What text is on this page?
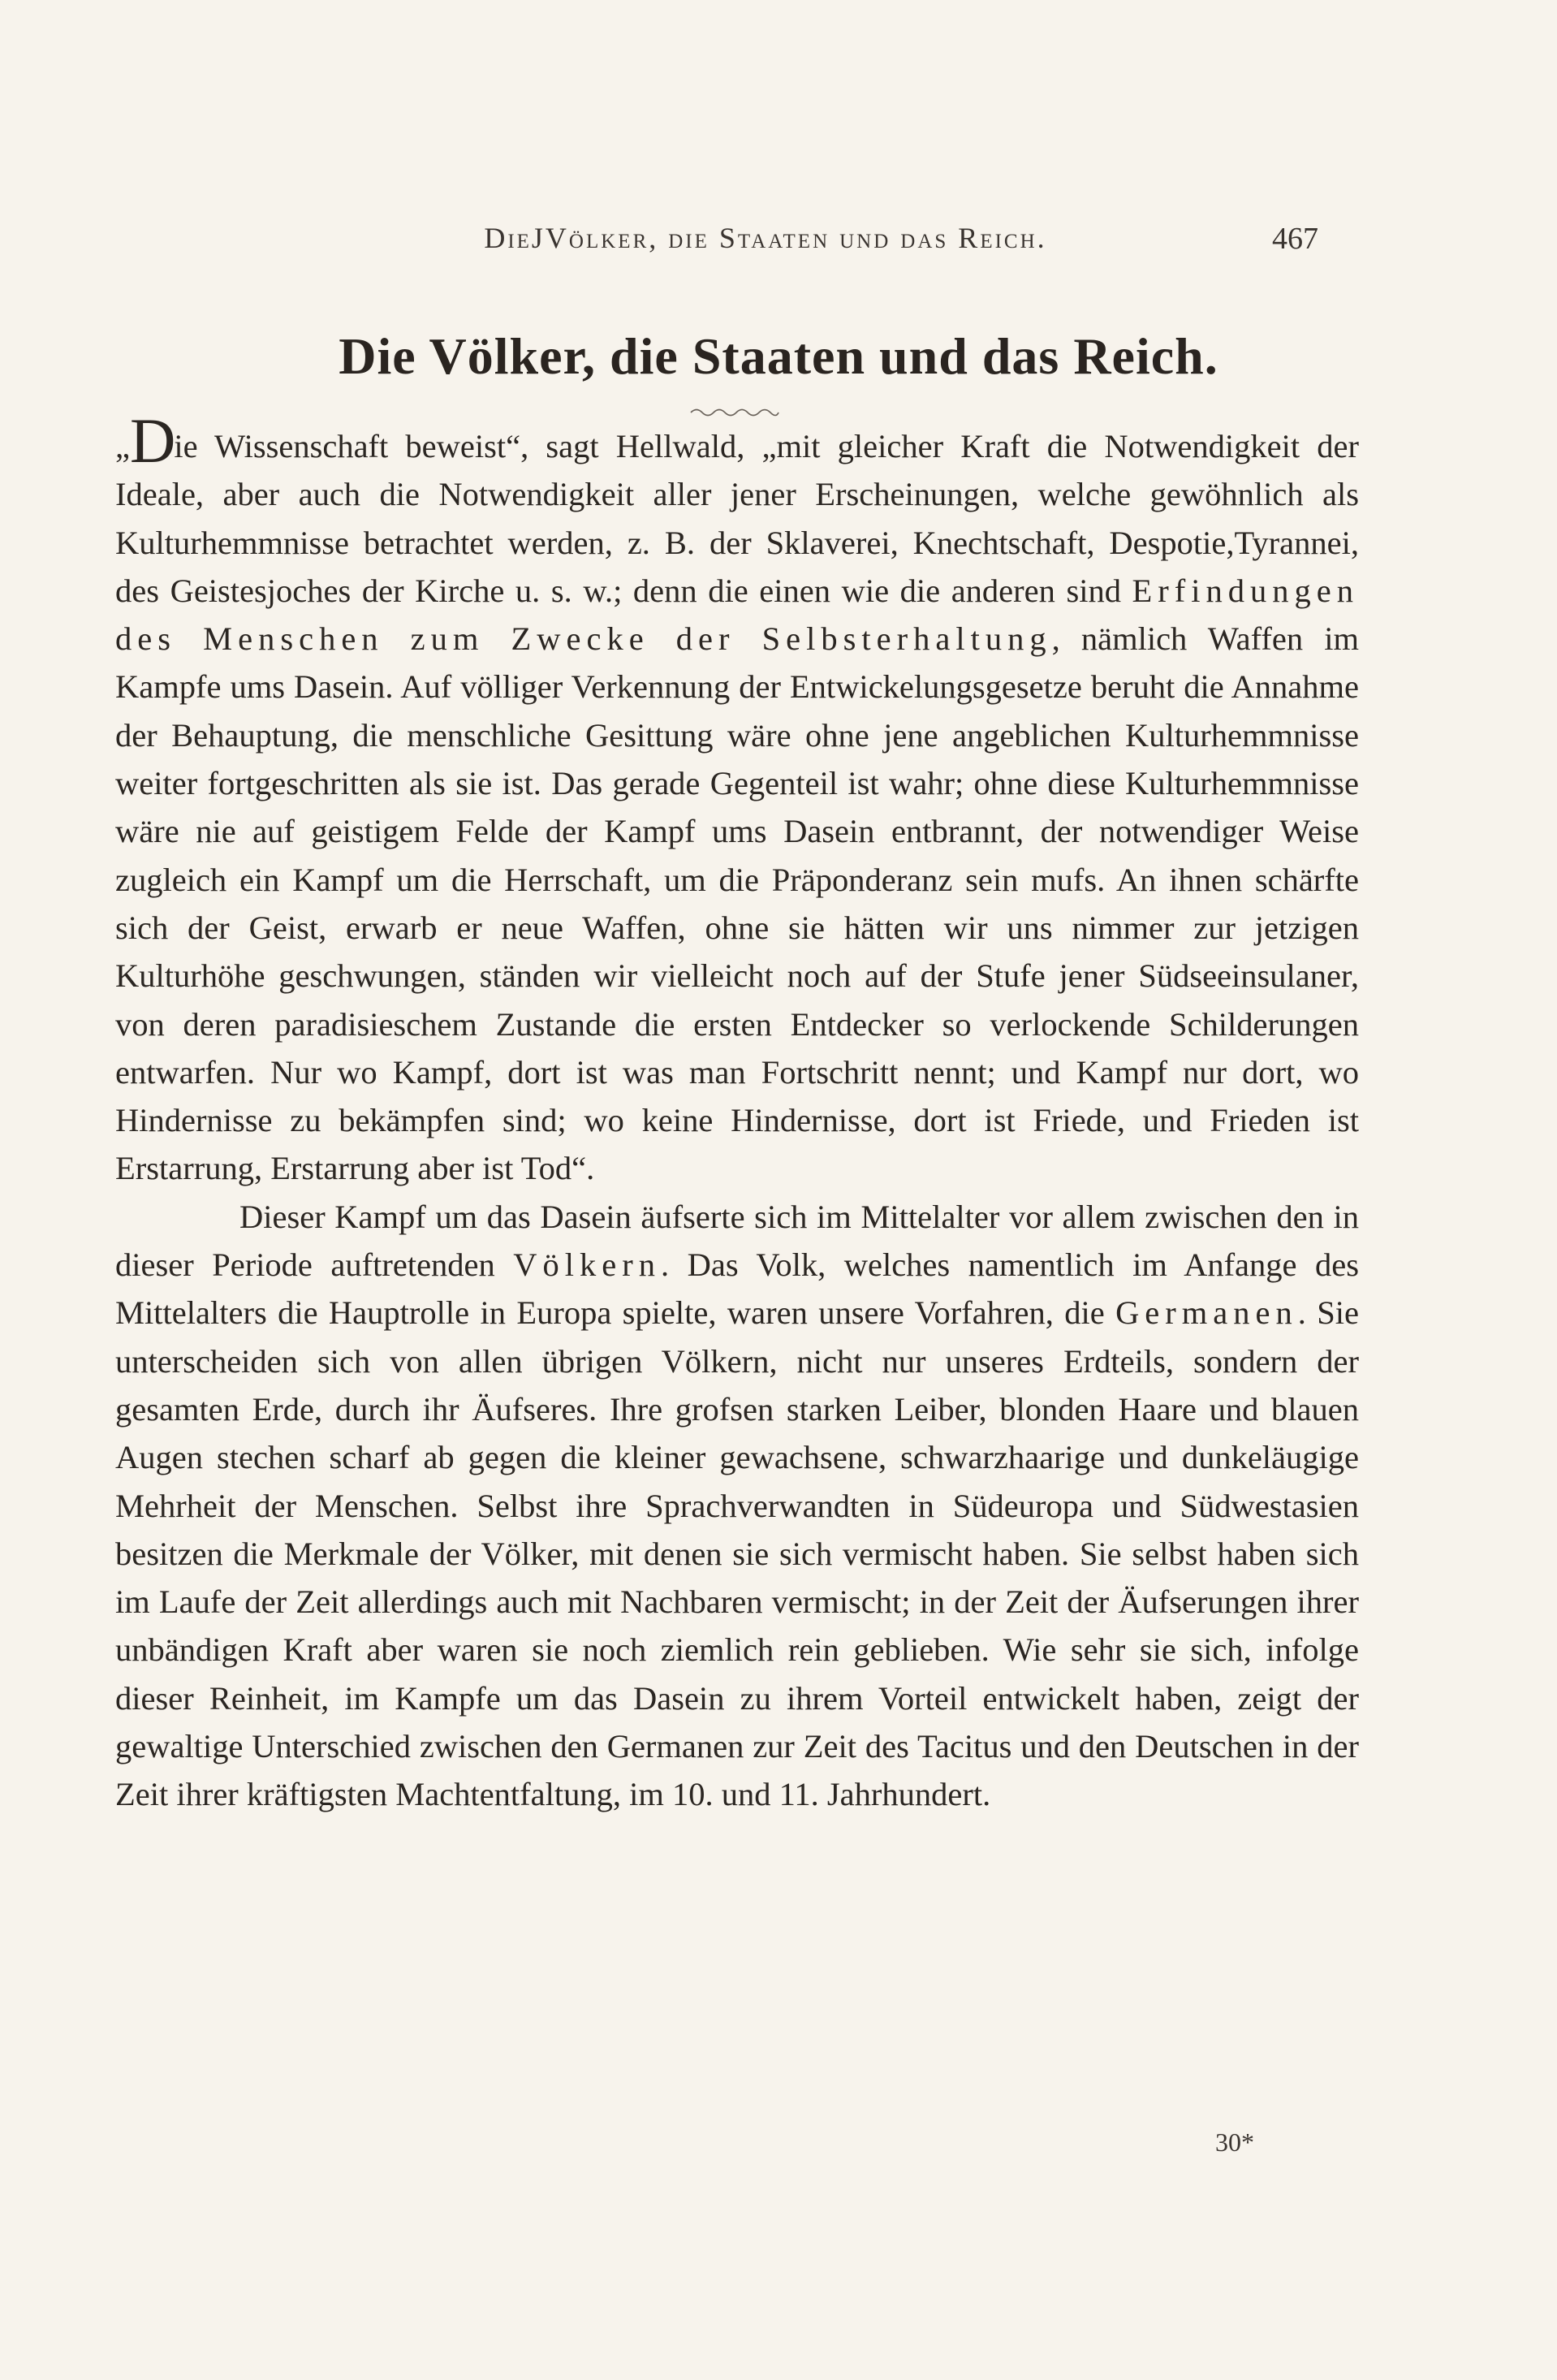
DieJVölker, die Staaten und das Reich.	467
Die Völker, die Staaten und das Reich.

„Die Wissenschaft beweist“, sagt Hellwald, „mit gleicher Kraft die Notwendigkeit der Ideale, aber auch die Notwendigkeit aller jener Erscheinungen, welche gewöhnlich als Kulturhemmnisse betrachtet werden, z. B. der Sklaverei, Knechtschaft, Despotie,Tyrannei, des Geistesjoches der Kirche u. s. w.; denn die einen wie die anderen sind Erfindungen des Menschen zum Zwecke der Selbsterhaltung, nämlich Waffen im Kampfe ums Dasein. Auf völliger Verkennung der Entwickelungsgesetze beruht die Annahme der Behauptung, die menschliche Gesittung wäre ohne jene angeblichen Kulturhemmnisse weiter fortgeschritten als sie ist. Das gerade Gegenteil ist wahr; ohne diese Kulturhemmnisse wäre nie auf geistigem Felde der Kampf ums Dasein entbrannt, der notwendiger Weise zugleich ein Kampf um die Herrschaft, um die Präponderanz sein mufs. An ihnen schärfte sich der Geist, erwarb er neue Waffen, ohne sie hätten wir uns nimmer zur jetzigen Kulturhöhe geschwungen, ständen wir vielleicht noch auf der Stufe jener Südseeinsulaner, von deren paradisieschem Zustande die ersten Entdecker so verlockende Schilderungen entwarfen. Nur wo Kampf, dort ist was man Fortschritt nennt; und Kampf nur dort, wo Hindernisse zu bekämpfen sind; wo keine Hindernisse, dort ist Friede, und Frieden ist Erstarrung, Erstarrung aber ist Tod“.

Dieser Kampf um das Dasein äufserte sich im Mittelalter vor allem zwischen den in dieser Periode auftretenden Völkern. Das Volk, welches namentlich im Anfange des Mittelalters die Hauptrolle in Europa spielte, waren unsere Vorfahren, die Germanen. Sie unterscheiden sich von allen übrigen Völkern, nicht nur unseres Erdteils, sondern der gesamten Erde, durch ihr Äufseres. Ihre grofsen starken Leiber, blonden Haare und blauen Augen stechen scharf ab gegen die kleiner gewachsene, schwarzhaarige und dunkeläugige Mehrheit der Menschen. Selbst ihre Sprachverwandten in Südeuropa und Südwestasien besitzen die Merkmale der Völker, mit denen sie sich vermischt haben. Sie selbst haben sich im Laufe der Zeit allerdings auch mit Nachbaren vermischt; in der Zeit der Äufserungen ihrer unbändigen Kraft aber waren sie noch ziemlich rein geblieben. Wie sehr sie sich, infolge dieser Reinheit, im Kampfe um das Dasein zu ihrem Vorteil entwickelt haben, zeigt der gewaltige Unterschied zwischen den Germanen zur Zeit des Tacitus und den Deutschen in der Zeit ihrer kräftigsten Machtentfaltung, im 10. und 11. Jahrhundert.

30*
